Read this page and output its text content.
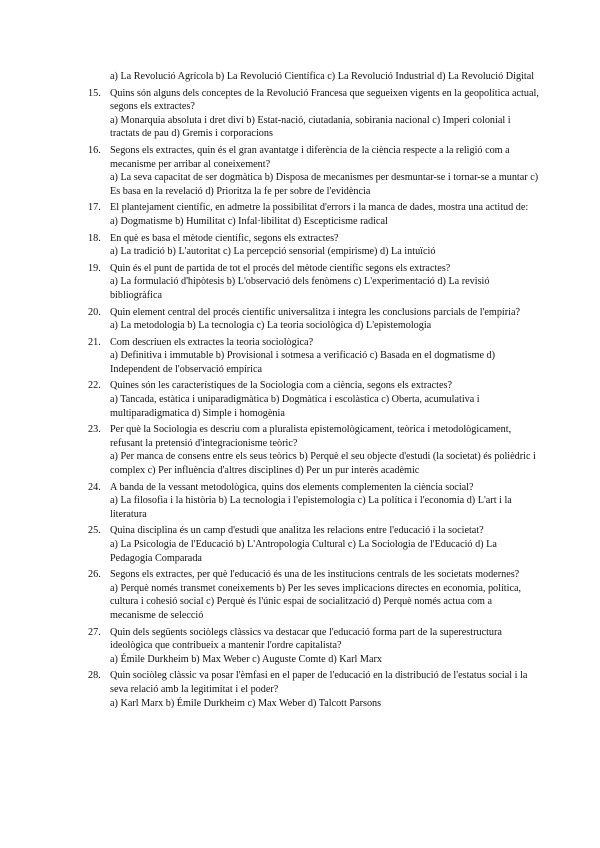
a) La Revolució Agrícola b) La Revolució Científica c) La Revolució Industrial d) La Revolució Digital

15. Quins són alguns dels conceptes de la Revolució Francesa que segueixen vigents en la geopolítica actual, segons els extractes?

a) Monarquia absoluta i dret diví b) Estat-nació, ciutadania, sobirania nacional c) Imperi colonial i tractats de pau d) Gremis i corporacions

16. Segons els extractes, quin és el gran avantatge i diferència de la ciència respecte a la religió com a mecanisme per arribar al coneixement?

a) La seva capacitat de ser dogmàtica b) Disposa de mecanismes per desmuntar-se i tornar-se a muntar c) Es basa en la revelació d) Prioritza la fe per sobre de l'evidència

17. El plantejament científic, en admetre la possibilitat d'errors i la manca de dades, mostra una actitud de:

a) Dogmatisme b) Humilitat c) Infal·libilitat d) Escepticisme radical

18. En què es basa el mètode científic, segons els extractes?

a) La tradició b) L'autoritat c) La percepció sensorial (empirisme) d) La intuïció

19. Quin és el punt de partida de tot el procés del mètode científic segons els extractes?

a) La formulació d'hipòtesis b) L'observació dels fenòmens c) L'experimentació d) La revisió bibliogràfica

20. Quin element central del procés científic universalitza i integra les conclusions parcials de l'empíria?

a) La metodologia b) La tecnologia c) La teoria sociològica d) L'epistemologia

21. Com descriuen els extractes la teoria sociològica?

a) Definitiva i immutable b) Provisional i sotmesa a verificació c) Basada en el dogmatisme d) Independent de l'observació empírica

22. Quines són les característiques de la Sociologia com a ciència, segons els extractes?

a) Tancada, estàtica i uniparadigmàtica b) Dogmàtica i escolàstica c) Oberta, acumulativa i multiparadigmatica d) Simple i homogènia

23. Per què la Sociologia es descriu com a pluralista epistemològicament, teòrica i metodològicament, refusant la pretensió d'integracionisme teòric?

a) Per manca de consens entre els seus teòrics b) Perquè el seu objecte d'estudi (la societat) és polièdric i complex c) Per influència d'altres disciplines d) Per un pur interès acadèmic

24. A banda de la vessant metodològica, quins dos elements complementen la ciència social?

a) La filosofia i la història b) La tecnologia i l'epistemologia c) La política i l'economia d) L'art i la literatura

25. Quina disciplina és un camp d'estudi que analitza les relacions entre l'educació i la societat?

a) La Psicologia de l'Educació b) L'Antropologia Cultural c) La Sociologia de l'Educació d) La Pedagogia Comparada

26. Segons els extractes, per què l'educació és una de les institucions centrals de les societats modernes?

a) Perquè només transmet coneixements b) Per les seves implicacions directes en economia, política, cultura i cohesió social c) Perquè és l'únic espai de socialització d) Perquè només actua com a mecanisme de selecció

27. Quin dels següents sociòlegs clàssics va destacar que l'educació forma part de la superestructura ideològica que contribueix a mantenir l'ordre capitalista?

a) Émile Durkheim b) Max Weber c) Auguste Comte d) Karl Marx

28. Quin sociòleg clàssic va posar l'èmfasi en el paper de l'educació en la distribució de l'estatus social i la seva relació amb la legitimitat i el poder?

a) Karl Marx b) Émile Durkheim c) Max Weber d) Talcott Parsons
